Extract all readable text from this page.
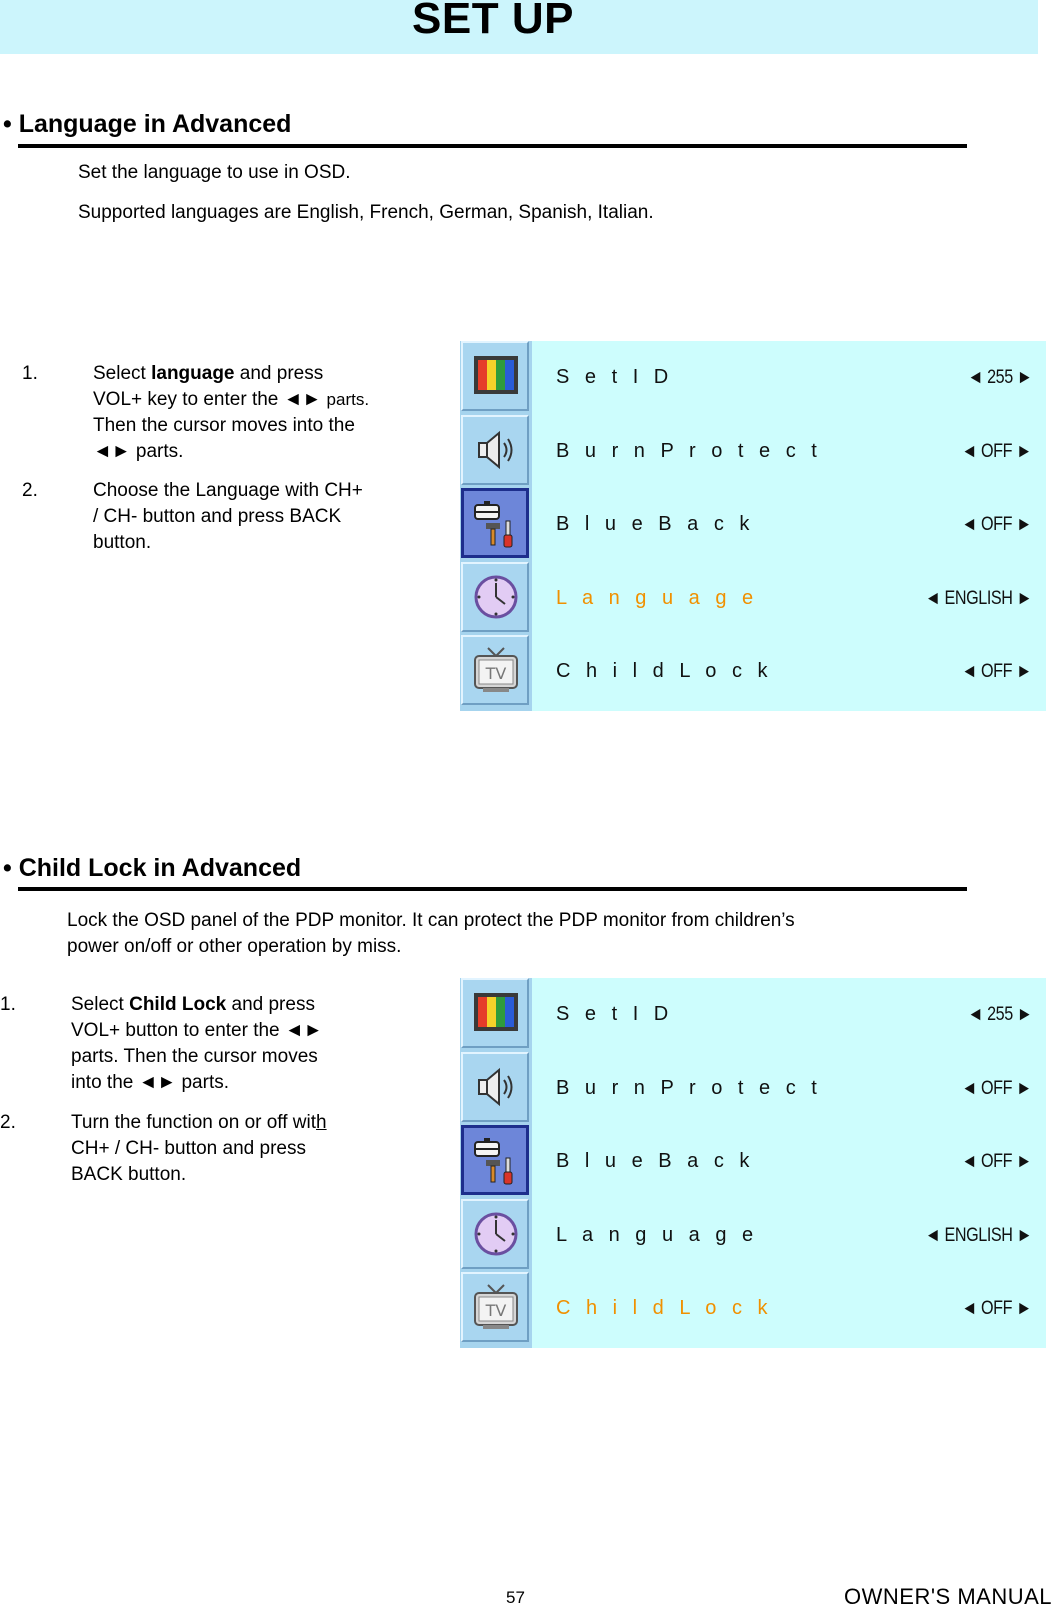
SET UP
• Language in Advanced
Set the language to use in OSD.
Supported languages are English, French, German, Spanish, Italian.
1.	Select language and press
VOL+ key to enter the ◄► parts.
Then the cursor moves into the
◄► parts.
2.	Choose the Language with CH+
/ CH- button and press BACK
button.
TV
S e t I D	◄ 255 ►
B u r n P r o t e c t	◄ OFF ►
B l u e B a c k	◄ OFF ►
L a n g u a g e	◄ ENGLISH ►
C h i l d L o c k	◄ OFF ►
• Child Lock in Advanced
Lock the OSD panel of the PDP monitor. It can protect the PDP monitor from children’s
power on/off or other operation by miss.
1.	Select Child Lock and press
VOL+ button to enter the ◄►
parts. Then the cursor moves
into the ◄► parts.
2.	Turn the function on or off with
CH+ / CH- button and press
BACK button.
TV
S e t I D	◄ 255 ►
B u r n P r o t e c t	◄ OFF ►
B l u e B a c k	◄ OFF ►
L a n g u a g e	◄ ENGLISH ►
C h i l d L o c k	◄ OFF ►
57	OWNER'S MANUAL
